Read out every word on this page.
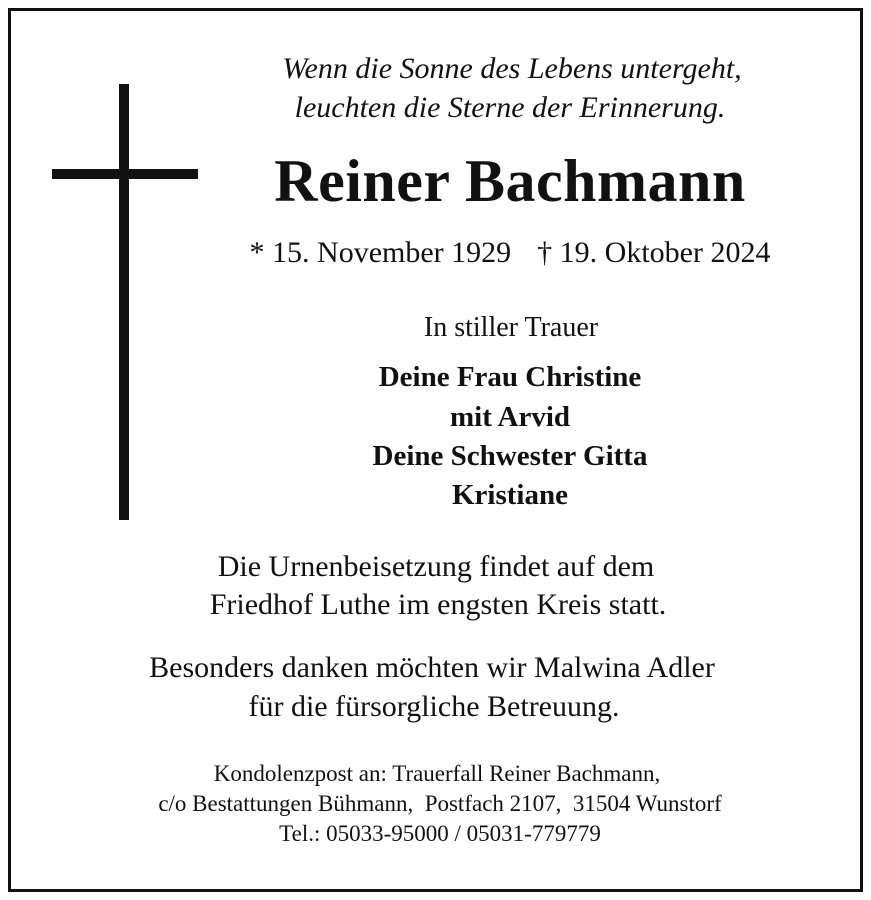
Wenn die Sonne des Lebens untergeht,
leuchten die Sterne der Erinnerung.
Reiner Bachmann
* 15. November 1929 † 19. Oktober 2024
In stiller Trauer
Deine Frau Christine
mit Arvid
Deine Schwester Gitta
Kristiane
Die Urnenbeisetzung findet auf dem
Friedhof Luthe im engsten Kreis statt.
Besonders danken möchten wir Malwina Adler
für die fürsorgliche Betreuung.
Kondolenzpost an: Trauerfall Reiner Bachmann,
c/o Bestattungen Bühmann,  Postfach 2107,  31504 Wunstorf
Tel.: 05033-95000 / 05031-779779
